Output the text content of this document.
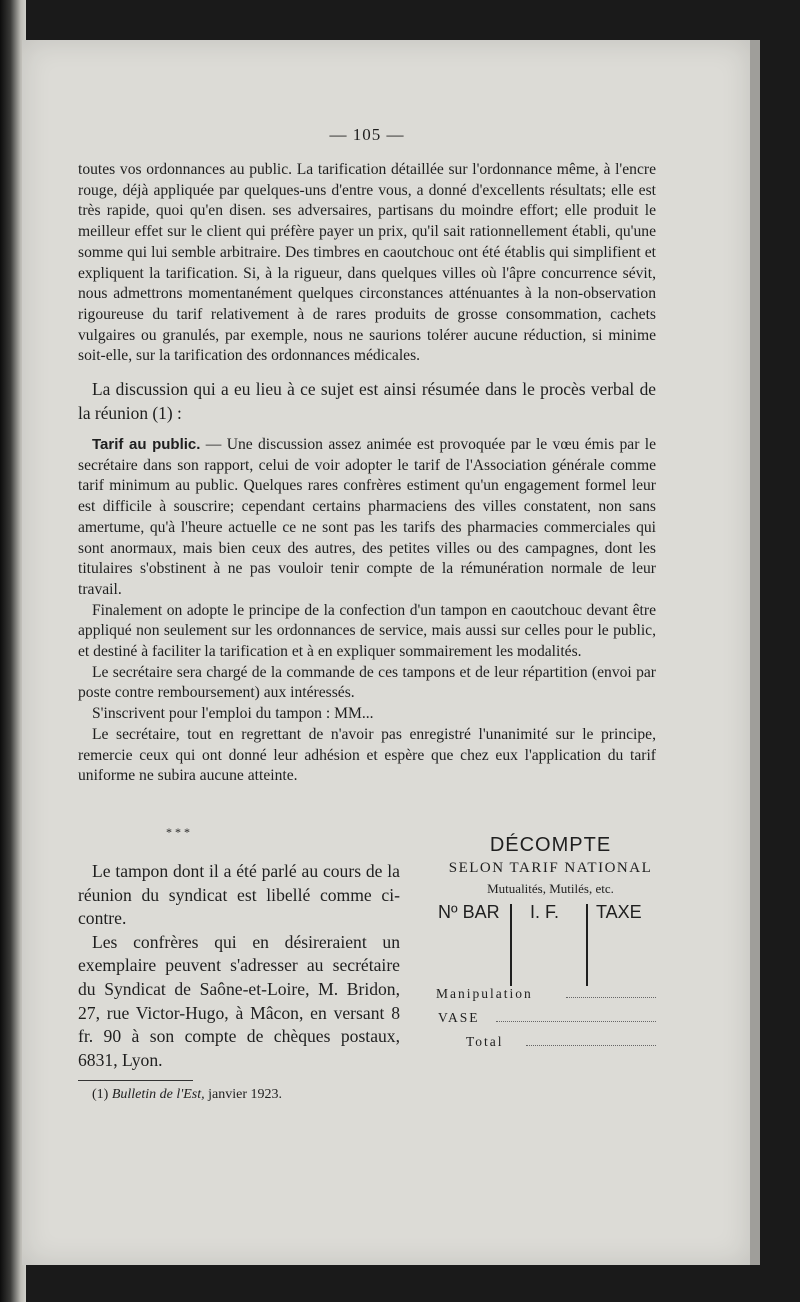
— 105 —

toutes vos ordonnances au public. La tarification détaillée sur l'ordonnance même, à l'encre rouge, déjà appliquée par quelques-uns d'entre vous, a donné d'excellents résultats; elle est très rapide, quoi qu'en disen. ses adversaires, partisans du moindre effort; elle produit le meilleur effet sur le client qui préfère payer un prix, qu'il sait rationnellement établi, qu'une somme qui lui semble arbitraire. Des timbres en caoutchouc ont été établis qui simplifient et expliquent la tarification. Si, à la rigueur, dans quelques villes où l'âpre concurrence sévit, nous admettrons momentanément quelques circonstances atténuantes à la non-observation rigoureuse du tarif relativement à de rares produits de grosse consommation, cachets vulgaires ou granulés, par exemple, nous ne saurions tolérer aucune réduction, si minime soit-elle, sur la tarification des ordonnances médicales.

La discussion qui a eu lieu à ce sujet est ainsi résumée dans le procès verbal de la réunion (1) :

Tarif au public. — Une discussion assez animée est provoquée par le vœu émis par le secrétaire dans son rapport, celui de voir adopter le tarif de l'Association générale comme tarif minimum au public. Quelques rares confrères estiment qu'un engagement formel leur est difficile à souscrire; cependant certains pharmaciens des villes constatent, non sans amertume, qu'à l'heure actuelle ce ne sont pas les tarifs des pharmacies commerciales qui sont anormaux, mais bien ceux des autres, des petites villes ou des campagnes, dont les titulaires s'obstinent à ne pas vouloir tenir compte de la rémunération normale de leur travail.

Finalement on adopte le principe de la confection d'un tampon en caoutchouc devant être appliqué non seulement sur les ordonnances de service, mais aussi sur celles pour le public, et destiné à faciliter la tarification et à en expliquer sommairement les modalités.

Le secrétaire sera chargé de la commande de ces tampons et de leur répartition (envoi par poste contre remboursement) aux intéressés.

S'inscrivent pour l'emploi du tampon : MM...

Le secrétaire, tout en regrettant de n'avoir pas enregistré l'unanimité sur le principe, remercie ceux qui ont donné leur adhésion et espère que chez eux l'application du tarif uniforme ne subira aucune atteinte.

* * *

Le tampon dont il a été parlé au cours de la réunion du syndicat est libellé comme ci-contre.

Les confrères qui en désireraient un exemplaire peuvent s'adresser au secrétaire du Syndicat de Saône-et-Loire, M. Bridon, 27, rue Victor-Hugo, à Mâcon, en versant 8 fr. 90 à son compte de chèques postaux, 6831, Lyon.

DÉCOMPTE
SELON TARIF NATIONAL
Mutualités, Mutilés, etc.
Nº BAR I. F. TAXE
Manipulation
VASE
Total
(1) Bulletin de l'Est, janvier 1923.
